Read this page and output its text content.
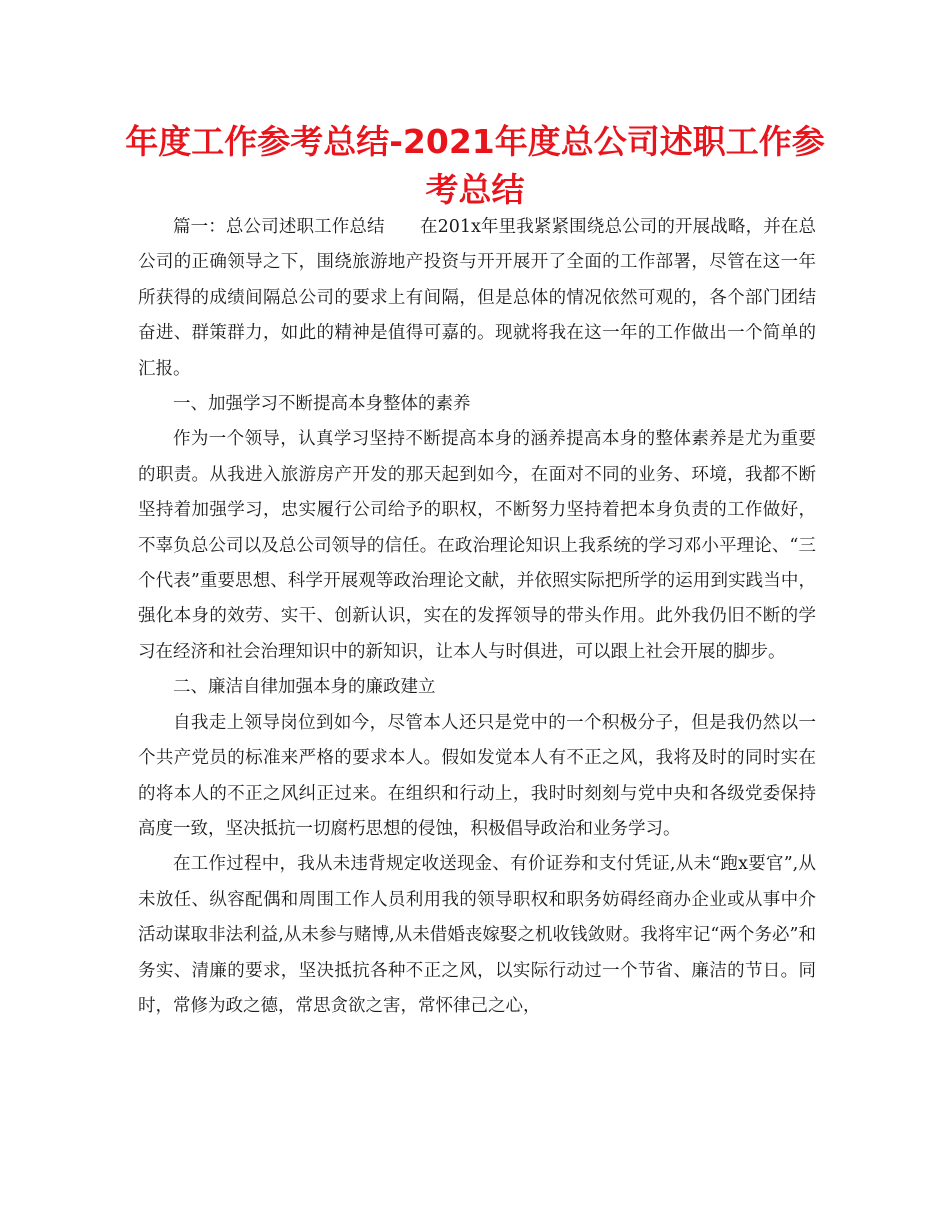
年度工作参考总结-2021年度总公司述职工作参考总结

篇一：总公司述职工作总结　　在201x年里我紧紧围绕总公司的开展战略，并在总公司的正确领导之下，围绕旅游地产投资与开开展开了全面的工作部署，尽管在这一年所获得的成绩间隔总公司的要求上有间隔，但是总体的情况依然可观的，各个部门团结奋进、群策群力，如此的精神是值得可嘉的。现就将我在这一年的工作做出一个简单的汇报。

一、加强学习不断提高本身整体的素养

作为一个领导，认真学习坚持不断提高本身的涵养提高本身的整体素养是尤为重要的职责。从我进入旅游房产开发的那天起到如今，在面对不同的业务、环境，我都不断坚持着加强学习，忠实履行公司给予的职权，不断努力坚持着把本身负责的工作做好，不辜负总公司以及总公司领导的信任。在政治理论知识上我系统的学习邓小平理论、“三个代表”重要思想、科学开展观等政治理论文献，并依照实际把所学的运用到实践当中，强化本身的效劳、实干、创新认识，实在的发挥领导的带头作用。此外我仍旧不断的学习在经济和社会治理知识中的新知识，让本人与时俱进，可以跟上社会开展的脚步。

二、廉洁自律加强本身的廉政建立

自我走上领导岗位到如今，尽管本人还只是党中的一个积极分子，但是我仍然以一个共产党员的标准来严格的要求本人。假如发觉本人有不正之风，我将及时的同时实在的将本人的不正之风纠正过来。在组织和行动上，我时时刻刻与党中央和各级党委保持高度一致，坚决抵抗一切腐朽思想的侵蚀，积极倡导政治和业务学习。

在工作过程中，我从未违背规定收送现金、有价证券和支付凭证,从未“跑x要官”,从未放任、纵容配偶和周围工作人员利用我的领导职权和职务妨碍经商办企业或从事中介活动谋取非法利益,从未参与赌博,从未借婚丧嫁娶之机收钱敛财。我将牢记“两个务必”和务实、清廉的要求，坚决抵抗各种不正之风，以实际行动过一个节省、廉洁的节日。同时，常修为政之德，常思贪欲之害，常怀律己之心，
